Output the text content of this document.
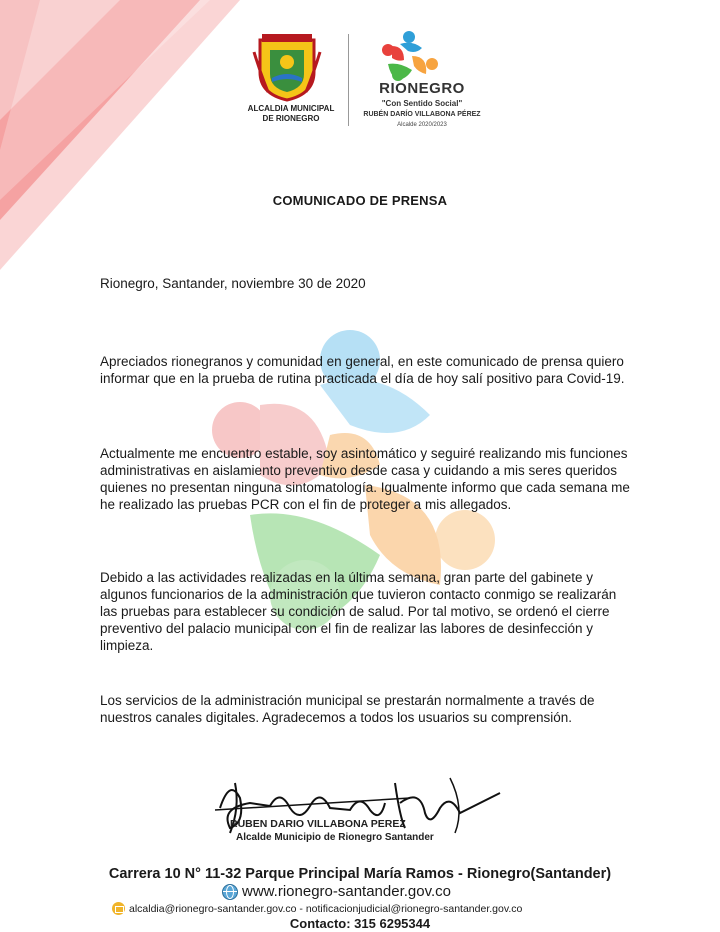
ALCALDIA MUNICIPAL
DE RIONEGRO
RIONEGRO
"Con Sentido Social"
RUBÉN DARÍO VILLABONA PÉREZ
Alcalde 2020/2023
COMUNICADO DE PRENSA
Rionegro, Santander, noviembre 30 de 2020

Apreciados rionegranos y comunidad en general, en este comunicado de prensa quiero informar que en la prueba de rutina practicada el día de hoy salí positivo para Covid-19.

Actualmente me encuentro estable, soy asintomático y seguiré realizando mis funciones administrativas en aislamiento preventivo desde casa y cuidando a mis seres queridos quienes no presentan ninguna sintomatología. Igualmente informo que cada semana me he realizado las pruebas PCR con el fin de proteger a mis allegados.

Debido a las actividades realizadas en la última semana, gran parte del gabinete y algunos funcionarios de la administración que tuvieron contacto conmigo se realizarán las pruebas para establecer su condición de salud. Por tal motivo, se ordenó el cierre preventivo del palacio municipal con el fin de realizar las labores de desinfección y limpieza.

Los servicios de la administración municipal se prestarán normalmente a través de nuestros canales digitales. Agradecemos a todos los usuarios su comprensión.

RUBEN DARIO VILLABONA PEREZ
Alcalde Municipio de Rionegro Santander
Carrera 10 N° 11-32 Parque Principal María Ramos - Rionegro(Santander)
www.rionegro-santander.gov.co
alcaldia@rionegro-santander.gov.co - notificacionjudicial@rionegro-santander.gov.co
Contacto: 315 6295344
